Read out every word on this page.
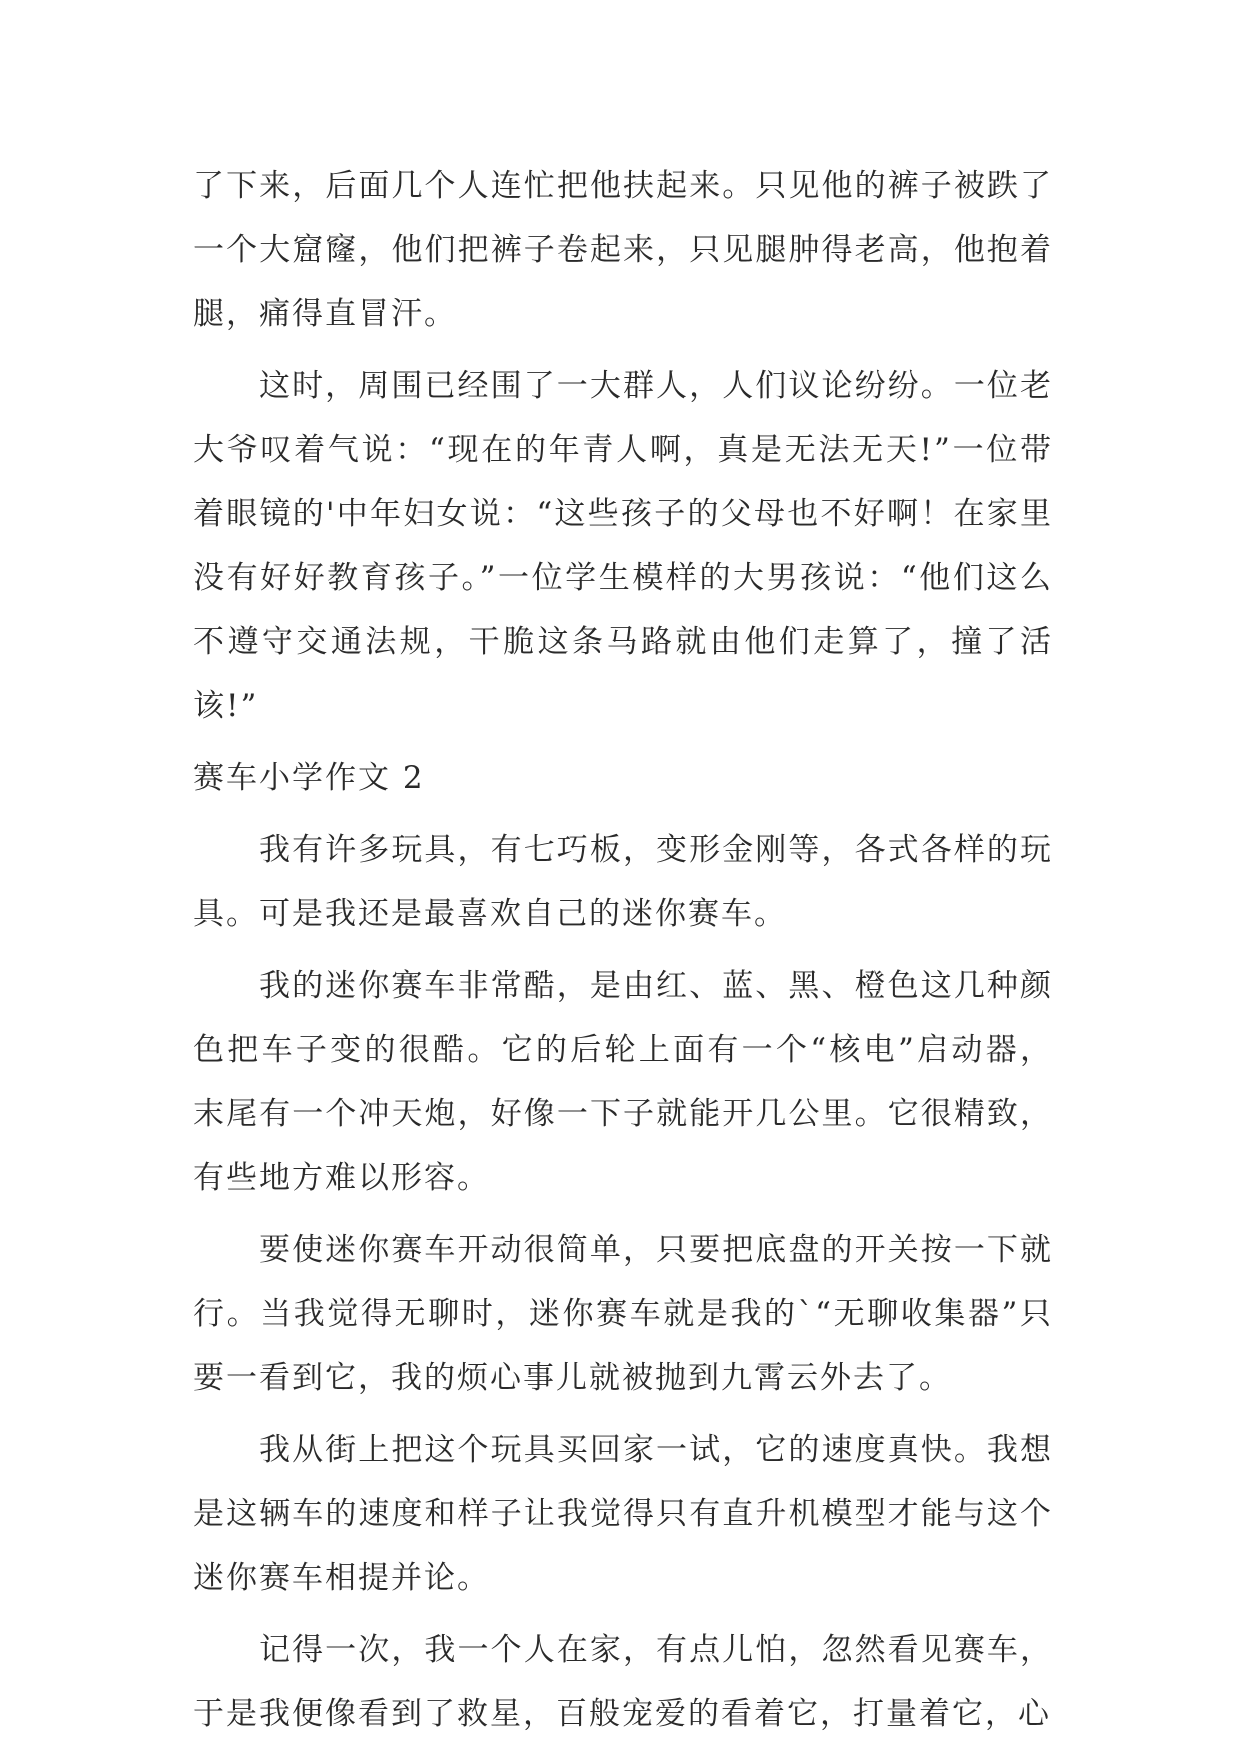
了下来，后面几个人连忙把他扶起来。只见他的裤子被跌了一个大窟窿，他们把裤子卷起来，只见腿肿得老高，他抱着腿，痛得直冒汗。

这时，周围已经围了一大群人，人们议论纷纷。一位老大爷叹着气说：“现在的年青人啊，真是无法无天!”一位带着眼镜的'中年妇女说：“这些孩子的父母也不好啊！在家里没有好好教育孩子。”一位学生模样的大男孩说：“他们这么不遵守交通法规，干脆这条马路就由他们走算了，撞了活该!”

赛车小学作文 2

我有许多玩具，有七巧板，变形金刚等，各式各样的玩具。可是我还是最喜欢自己的迷你赛车。

我的迷你赛车非常酷，是由红、蓝、黑、橙色这几种颜色把车子变的很酷。它的后轮上面有一个“核电”启动器，末尾有一个冲天炮，好像一下子就能开几公里。它很精致，有些地方难以形容。

要使迷你赛车开动很简单，只要把底盘的开关按一下就行。当我觉得无聊时，迷你赛车就是我的`“无聊收集器”只要一看到它，我的烦心事儿就被抛到九霄云外去了。

我从街上把这个玩具买回家一试，它的速度真快。我想是这辆车的速度和样子让我觉得只有直升机模型才能与这个迷你赛车相提并论。

记得一次，我一个人在家，有点儿怕，忽然看见赛车，于是我便像看到了救星，百般宠爱的看着它，打量着它，心
